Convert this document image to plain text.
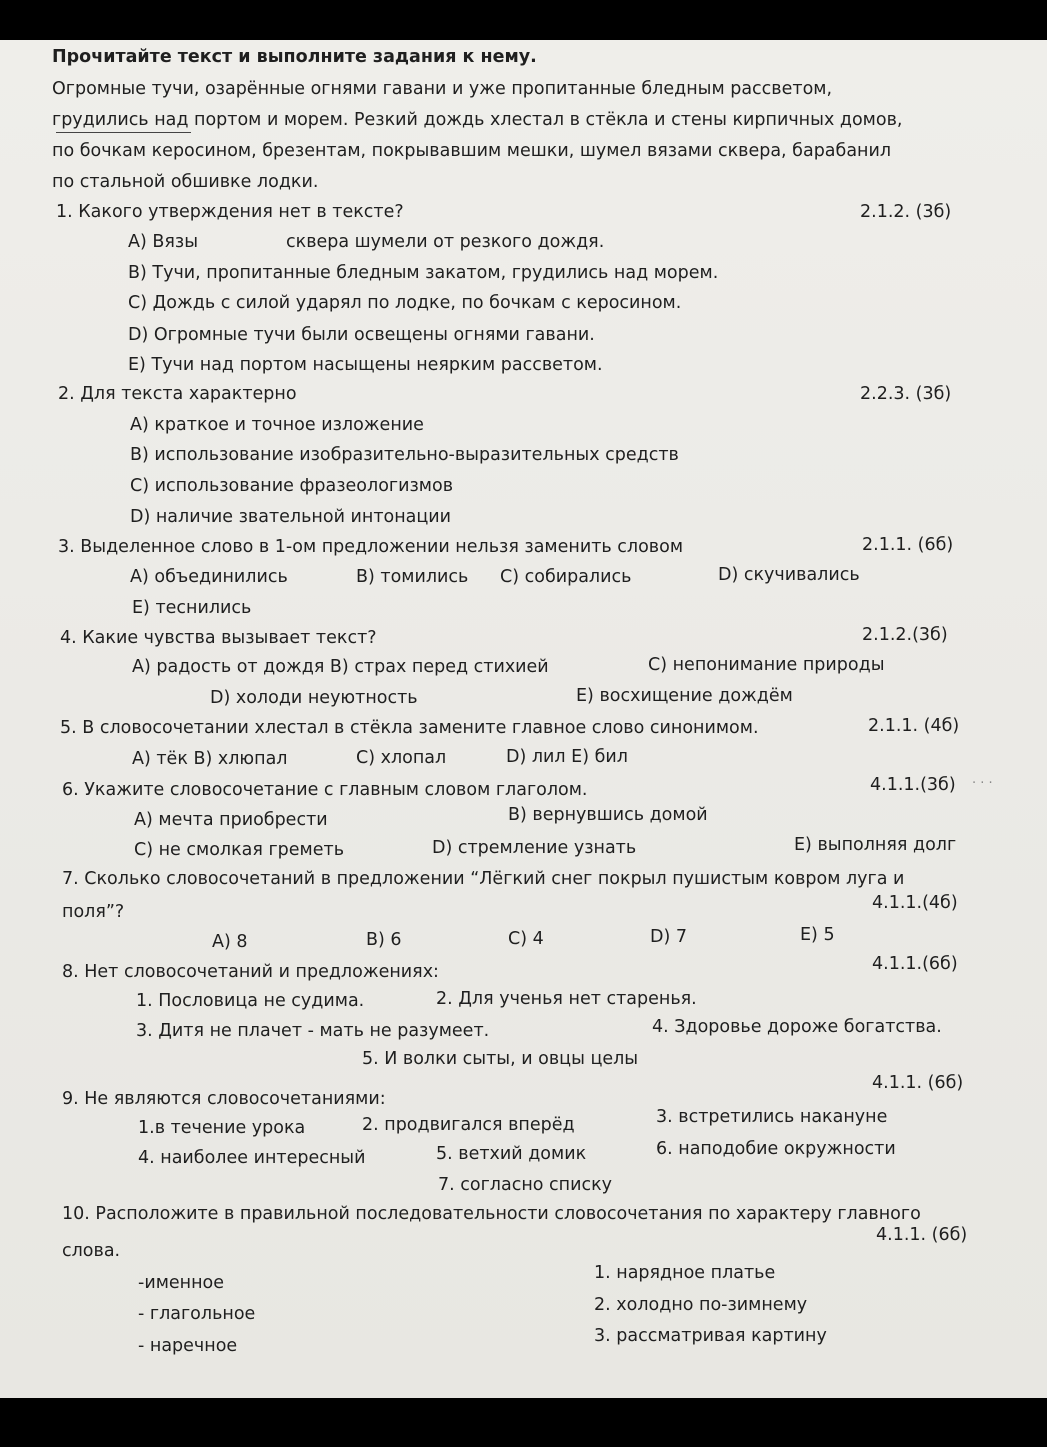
Прочитайте текст и выполните задания к нему.
Огромные тучи, озарённые огнями гавани и уже пропитанные бледным рассветом,
грудились над портом и морем. Резкий дождь хлестал в стёкла и стены кирпичных домов,
по бочкам керосином, брезентам, покрывавшим мешки, шумел вязами сквера, барабанил
по стальной обшивке лодки.
1. Какого утверждения нет в тексте?	2.1.2. (3б)
А) Вязы	сквера шумели от резкого дождя.
В) Тучи, пропитанные бледным закатом, грудились над морем.
С) Дождь с силой ударял по лодке, по бочкам с керосином.
D) Огромные тучи были освещены огнями гавани.
Е) Тучи над портом насыщены неярким рассветом.
2. Для текста характерно	2.2.3. (3б)
А) краткое и точное изложение
В) использование изобразительно-выразительных средств
С) использование фразеологизмов
D) наличие звательной интонации
3. Выделенное слово в 1-ом предложении нельзя заменить словом	2.1.1. (6б)
А) объединились	В) томились С) собирались	D) скучивались
Е) теснились
4. Какие чувства вызывает текст?	2.1.2.(3б)
А) радость от дождя В) страх перед стихией	С) непонимание природы
D) холоди неуютность	Е) восхищение дождём
5. В словосочетании хлестал в стёкла замените главное слово синонимом.	2.1.1. (4б)
А) тёк В) хлюпал	С) хлопал	D) лил Е) бил
6. Укажите словосочетание с главным словом глаголом.	4.1.1.(3б) · · ·
А) мечта приобрести	В) вернувшись домой
С) не смолкая греметь	D) стремление узнать	Е) выполняя долг
7. Сколько словосочетаний в предложении “Лёгкий снег покрыл пушистым ковром луга и
поля”?	4.1.1.(4б)
А) 8	В) 6	С) 4	D) 7	Е) 5
8. Нет словосочетаний и предложениях:	4.1.1.(6б)
1. Пословица не судима.	2. Для ученья нет старенья.
3. Дитя не плачет - мать не разумеет.	4. Здоровье дороже богатства.
5. И волки сыты, и овцы целы
9. Не являются словосочетаниями:
4.1.1. (6б)
1.в течение урока	2. продвигался вперёд	3. встретились накануне
4. наиболее интересный	5. ветхий домик	6. наподобие окружности
7. согласно списку
10. Расположите в правильной последовательности словосочетания по характеру главного
слова.
4.1.1. (6б)
-именное
- глагольное
- наречное
1. нарядное платье
2. холодно по-зимнему
3. рассматривая картину
